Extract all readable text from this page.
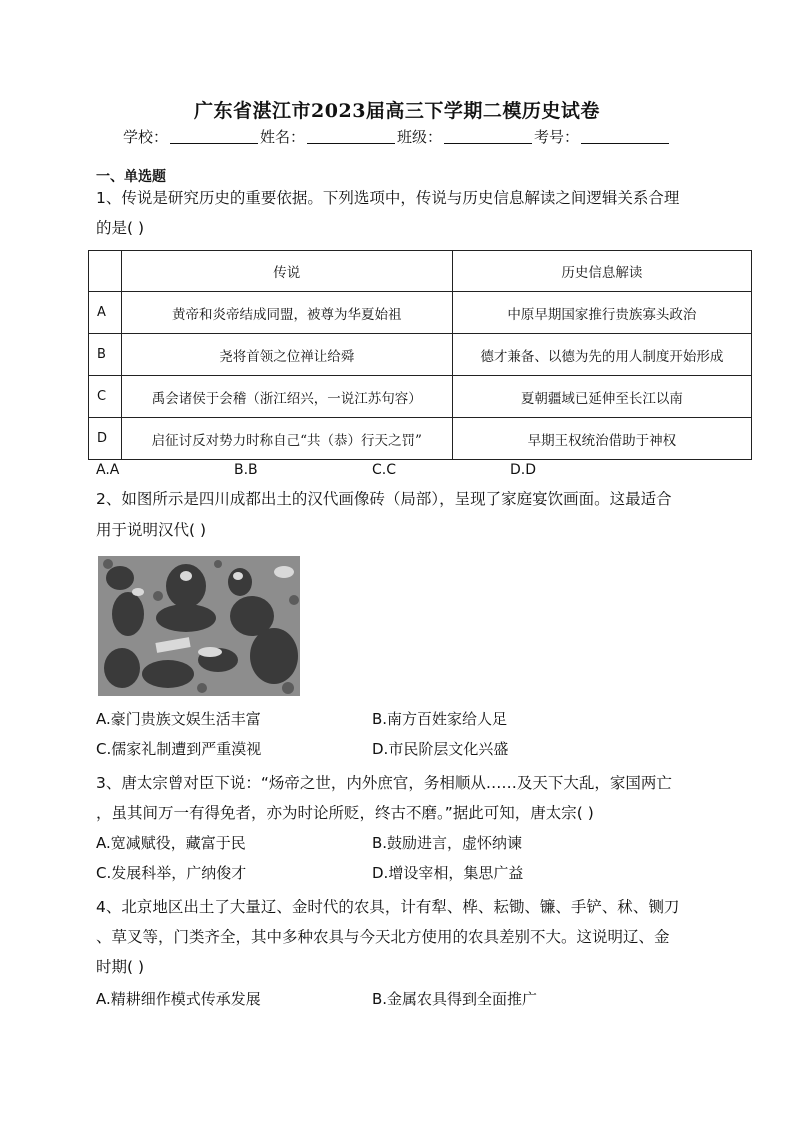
广东省湛江市2023届高三下学期二模历史试卷
学校：	姓名：	班级：	考号：
一、单选题
1、传说是研究历史的重要依据。下列选项中，传说与历史信息解读之间逻辑关系合理
的是( )
	传说	历史信息解读
A	黄帝和炎帝结成同盟，被尊为华夏始祖	中原早期国家推行贵族寡头政治
B	尧将首领之位禅让给舜	德才兼备、以德为先的用人制度开始形成
C	禹会诸侯于会稽（浙江绍兴，一说江苏句容）	夏朝疆域已延伸至长江以南
D	启征讨反对势力时称自己“共（恭）行天之罚”	早期王权统治借助于神权
A.A	B.B	C.C	D.D
2、如图所示是四川成都出土的汉代画像砖（局部），呈现了家庭宴饮画面。这最适合
用于说明汉代( )
A.豪门贵族文娱生活丰富	B.南方百姓家给人足
C.儒家礼制遭到严重漠视	D.市民阶层文化兴盛
3、唐太宗曾对臣下说：“炀帝之世，内外庶官，务相顺从……及天下大乱，家国两亡
，虽其间万一有得免者，亦为时论所贬，终古不磨。”据此可知，唐太宗( )
A.宽减赋役，藏富于民	B.鼓励进言，虚怀纳谏
C.发展科举，广纳俊才	D.增设宰相，集思广益
4、北京地区出土了大量辽、金时代的农具，计有犁、桦、耘锄、镰、手铲、秫、铡刀
、草叉等，门类齐全，其中多种农具与今天北方使用的农具差别不大。这说明辽、金
时期( )
A.精耕细作模式传承发展	B.金属农具得到全面推广
